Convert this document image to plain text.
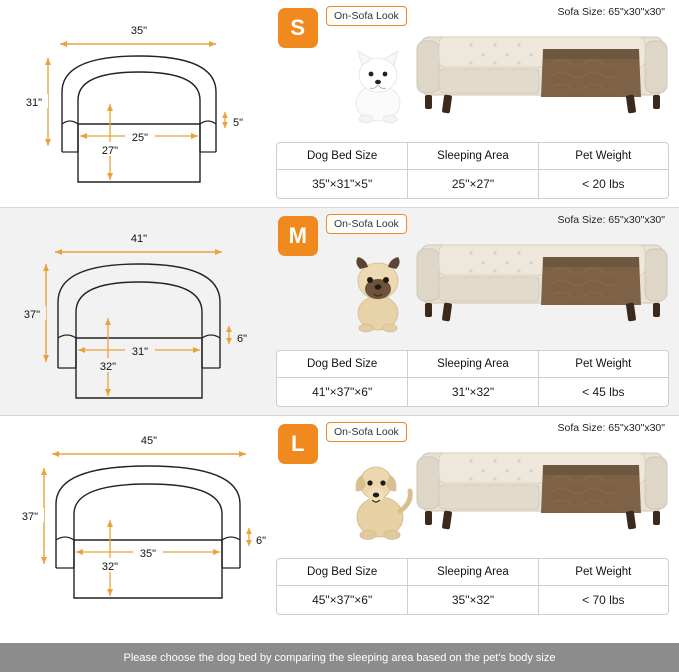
35"
31"
25"
27"
5"
S	On-Sofa Look	Sofa Size: 65"x30"x30"
Dog Bed Size	Sleeping Area	Pet Weight
35"×31"×5"	25"×27"	< 20 lbs
41"
37"
31"
32"
6"
M	On-Sofa Look	Sofa Size: 65"x30"x30"
Dog Bed Size	Sleeping Area	Pet Weight
41"×37"×6"	31"×32"	< 45 lbs
45"
37"
35"
32"
6"
L	On-Sofa Look	Sofa Size: 65"x30"x30"
Dog Bed Size	Sleeping Area	Pet Weight
45"×37"×6"	35"×32"	< 70 lbs
Please choose the dog bed by comparing the sleeping area based on the pet's body size
